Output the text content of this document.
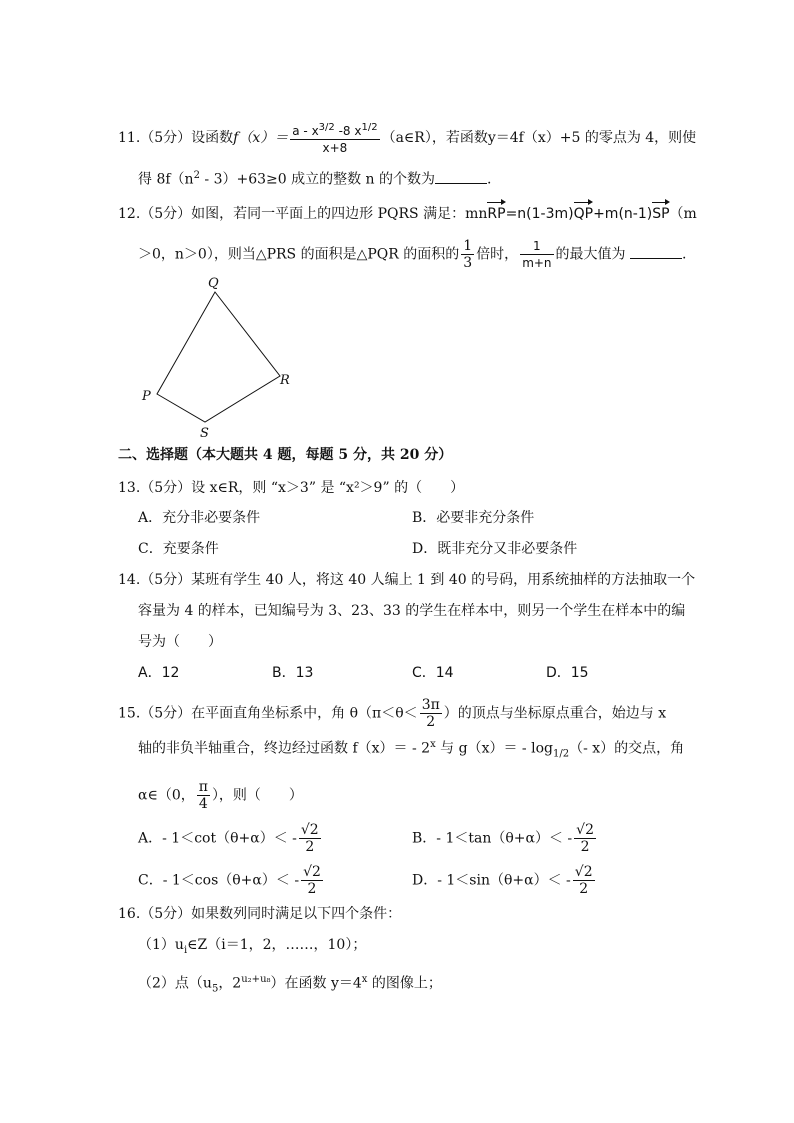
11.（5分）设函数$f(x)= \frac{a - x^{3/2} -8 x^{1/2}}{x+8}$ （a∈R），若函数y＝4f（x）+5 的零点为 4，则使
得 $8f(n^2 - 3)+63\ge 0$ 成立的整数 n 的个数为	.
12.（5分）如图，若同一平面上的四边形 PQRS 满足：mnRP=n(1-3m)QP+m(n-1)SP（m
＞0，n＞0），则当△PRS 的面积是△PQR 的面积的 $\frac{1}{3}$ 倍时， $\frac{1}{m+n}$ 的最大值为	.
Q
P
R
S
二、选择题（本大题共 4 题，每题 5 分，共 20 分）
13.（5分）设 x∈R，则 “x＞3” 是 “x²＞9” 的（　　）
A．充分非必要条件	B．必要非充分条件
C．充要条件	D．既非充分又非必要条件
14.（5分）某班有学生 40 人，将这 40 人编上 1 到 40 的号码，用系统抽样的方法抽取一个
容量为 4 的样本，已知编号为 3、23、33 的学生在样本中，则另一个学生在样本中的编
号为（　　）
A．12	B．13	C．14	D．15
15.（5分）在平面直角坐标系中，角 $\theta(\pi<\theta< \frac{3\pi}{2}$ ）的顶点与坐标原点重合，始边与 x
轴的非负半轴重合，终边经过函数 f（x）＝ - 2$^x$ 与 $g(x)= - \log_{1/2}(-$ x）的交点，角
α∈（0， $\frac{\pi}{4}$ ），则（　　）
A．- $1<\cot(\theta+\alpha)< - \frac{√2}{2}$	B．- $1<\tan(\theta+\alpha)< - \frac{√2}{2}$
C．- $1<\cos(\theta+\alpha)< - \frac{√2}{2}$	D．- $1<\sin(\theta+\alpha)< - \frac{√2}{2}$
16.（5分）如果数列同时满足以下四个条件：
$(1)u_i\in Z(i=1$，2，……，10）；
（2）点（$u_5$，$2^{u_2+u_8}$）在函数 $y=4^x$ 的图像上；
